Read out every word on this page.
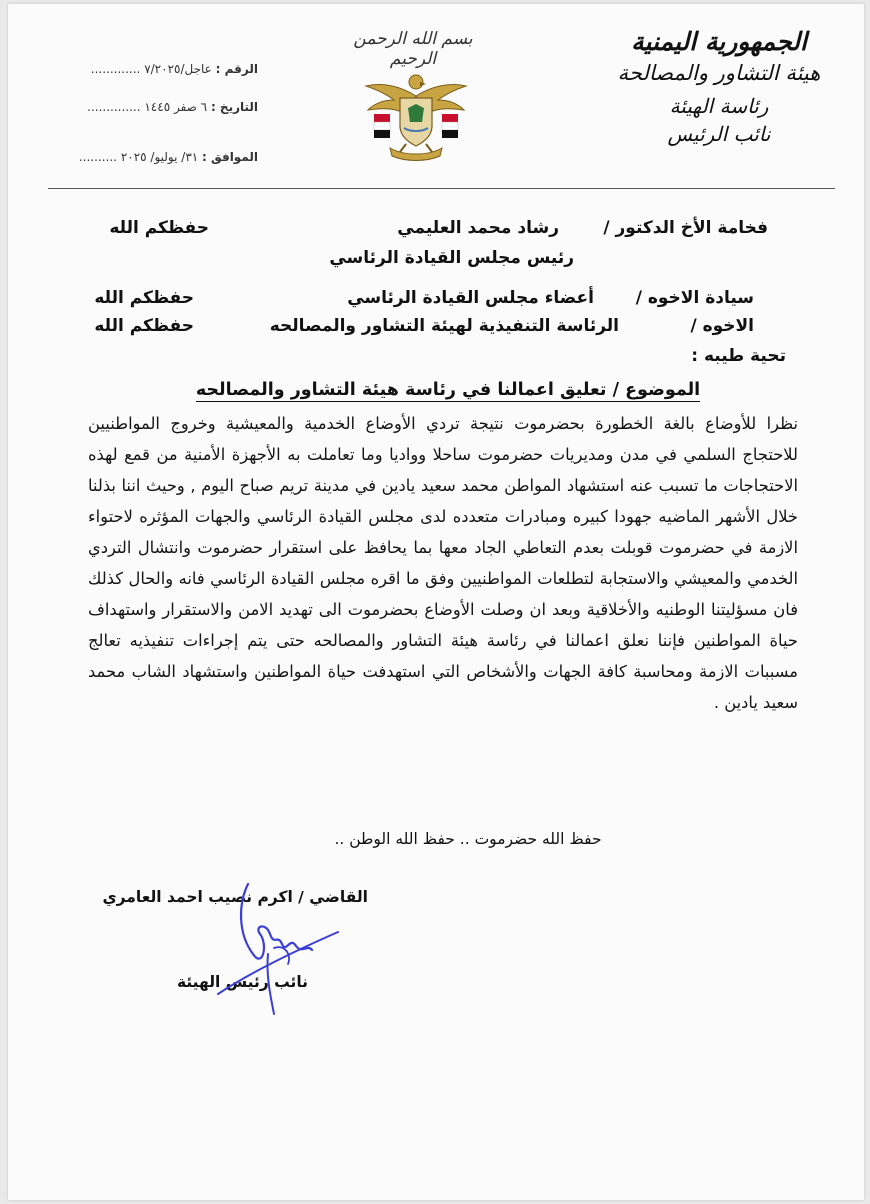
الجمهورية اليمنية
هيئة التشاور والمصالحة
رئاسة الهيئة
نائب الرئيس
بسم الله الرحمن الرحيم
الرقم : عاجل/٧/٢٠٢٥ .............
التاريخ : ٦ صفر ١٤٤٥ ..............
الموافق : ٣١/ يوليو/ ٢٠٢٥ ..........
فخامة الأخ الدكتور /
رشاد محمد العليمي
حفظكم الله
رئيس مجلس القيادة الرئاسي
سيادة الاخوه /
أعضاء مجلس القيادة الرئاسي
حفظكم الله
الاخوه /
الرئاسة التنفيذية لهيئة التشاور والمصالحه
حفظكم الله
تحية طيبه :
الموضوع / تعليق اعمالنا في رئاسة هيئة التشاور والمصالحه
نظرا للأوضاع بالغة الخطورة بحضرموت نتيجة تردي الأوضاع الخدمية والمعيشية وخروج المواطنيين للاحتجاج السلمي في مدن ومديريات حضرموت ساحلا وواديا وما تعاملت به الأجهزة الأمنية من قمع لهذه الاحتجاجات ما تسبب عنه استشهاد المواطن محمد سعيد يادين في مدينة تريم صباح اليوم , وحيث اننا بذلنا خلال الأشهر الماضيه جهودا كبيره ومبادرات متعدده لدى مجلس القيادة الرئاسي والجهات المؤثره لاحتواء الازمة في حضرموت قوبلت بعدم التعاطي الجاد معها بما يحافظ على استقرار حضرموت وانتشال التردي الخدمي والمعيشي والاستجابة لتطلعات المواطنيين وفق ما اقره مجلس القيادة الرئاسي فانه والحال كذلك فان مسؤليتنا الوطنيه والأخلاقية وبعد ان وصلت الأوضاع بحضرموت الى تهديد الامن والاستقرار واستهداف حياة المواطنين فإننا نعلق اعمالنا في رئاسة هيئة التشاور والمصالحه حتى يتم إجراءات تنفيذيه تعالج مسببات الازمة ومحاسبة كافة الجهات والأشخاص التي استهدفت حياة المواطنين واستشهاد الشاب محمد سعيد يادين .
حفظ الله حضرموت .. حفظ الله الوطن ..
القاضي / اكرم نصيب احمد العامري
نائب رئيس الهيئة
